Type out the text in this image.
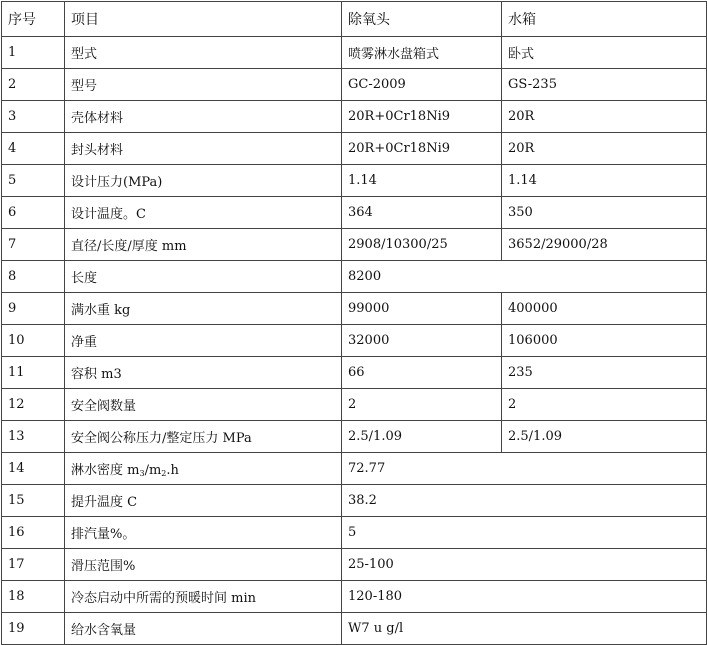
序号	项目	除氧头	水箱
1	型式	喷雾淋水盘箱式	卧式
2	型号	GC-2009	GS-235
3	壳体材料	20R+0Cr18Ni9	20R
4	封头材料	20R+0Cr18Ni9	20R
5	设计压力(MPa)	1.14	1.14
6	设计温度。C	364	350
7	直径/长度/厚度 mm	2908/10300/25	3652/29000/28
8	长度	8200	
9	满水重 kg	99000	400000
10	净重	32000	106000
11	容积 m3	66	235
12	安全阀数量	2	2
13	安全阀公称压力/整定压力 MPa	2.5/1.09	2.5/1.09
14	淋水密度 $m_3/m_2.h$	72.77	
15	提升温度 C	38.2	
16	排汽量%。	5	
17	滑压范围%	25-100	
18	冷态启动中所需的预暖时间 min	120-180	
19	给水含氧量	W7 u g/l	
